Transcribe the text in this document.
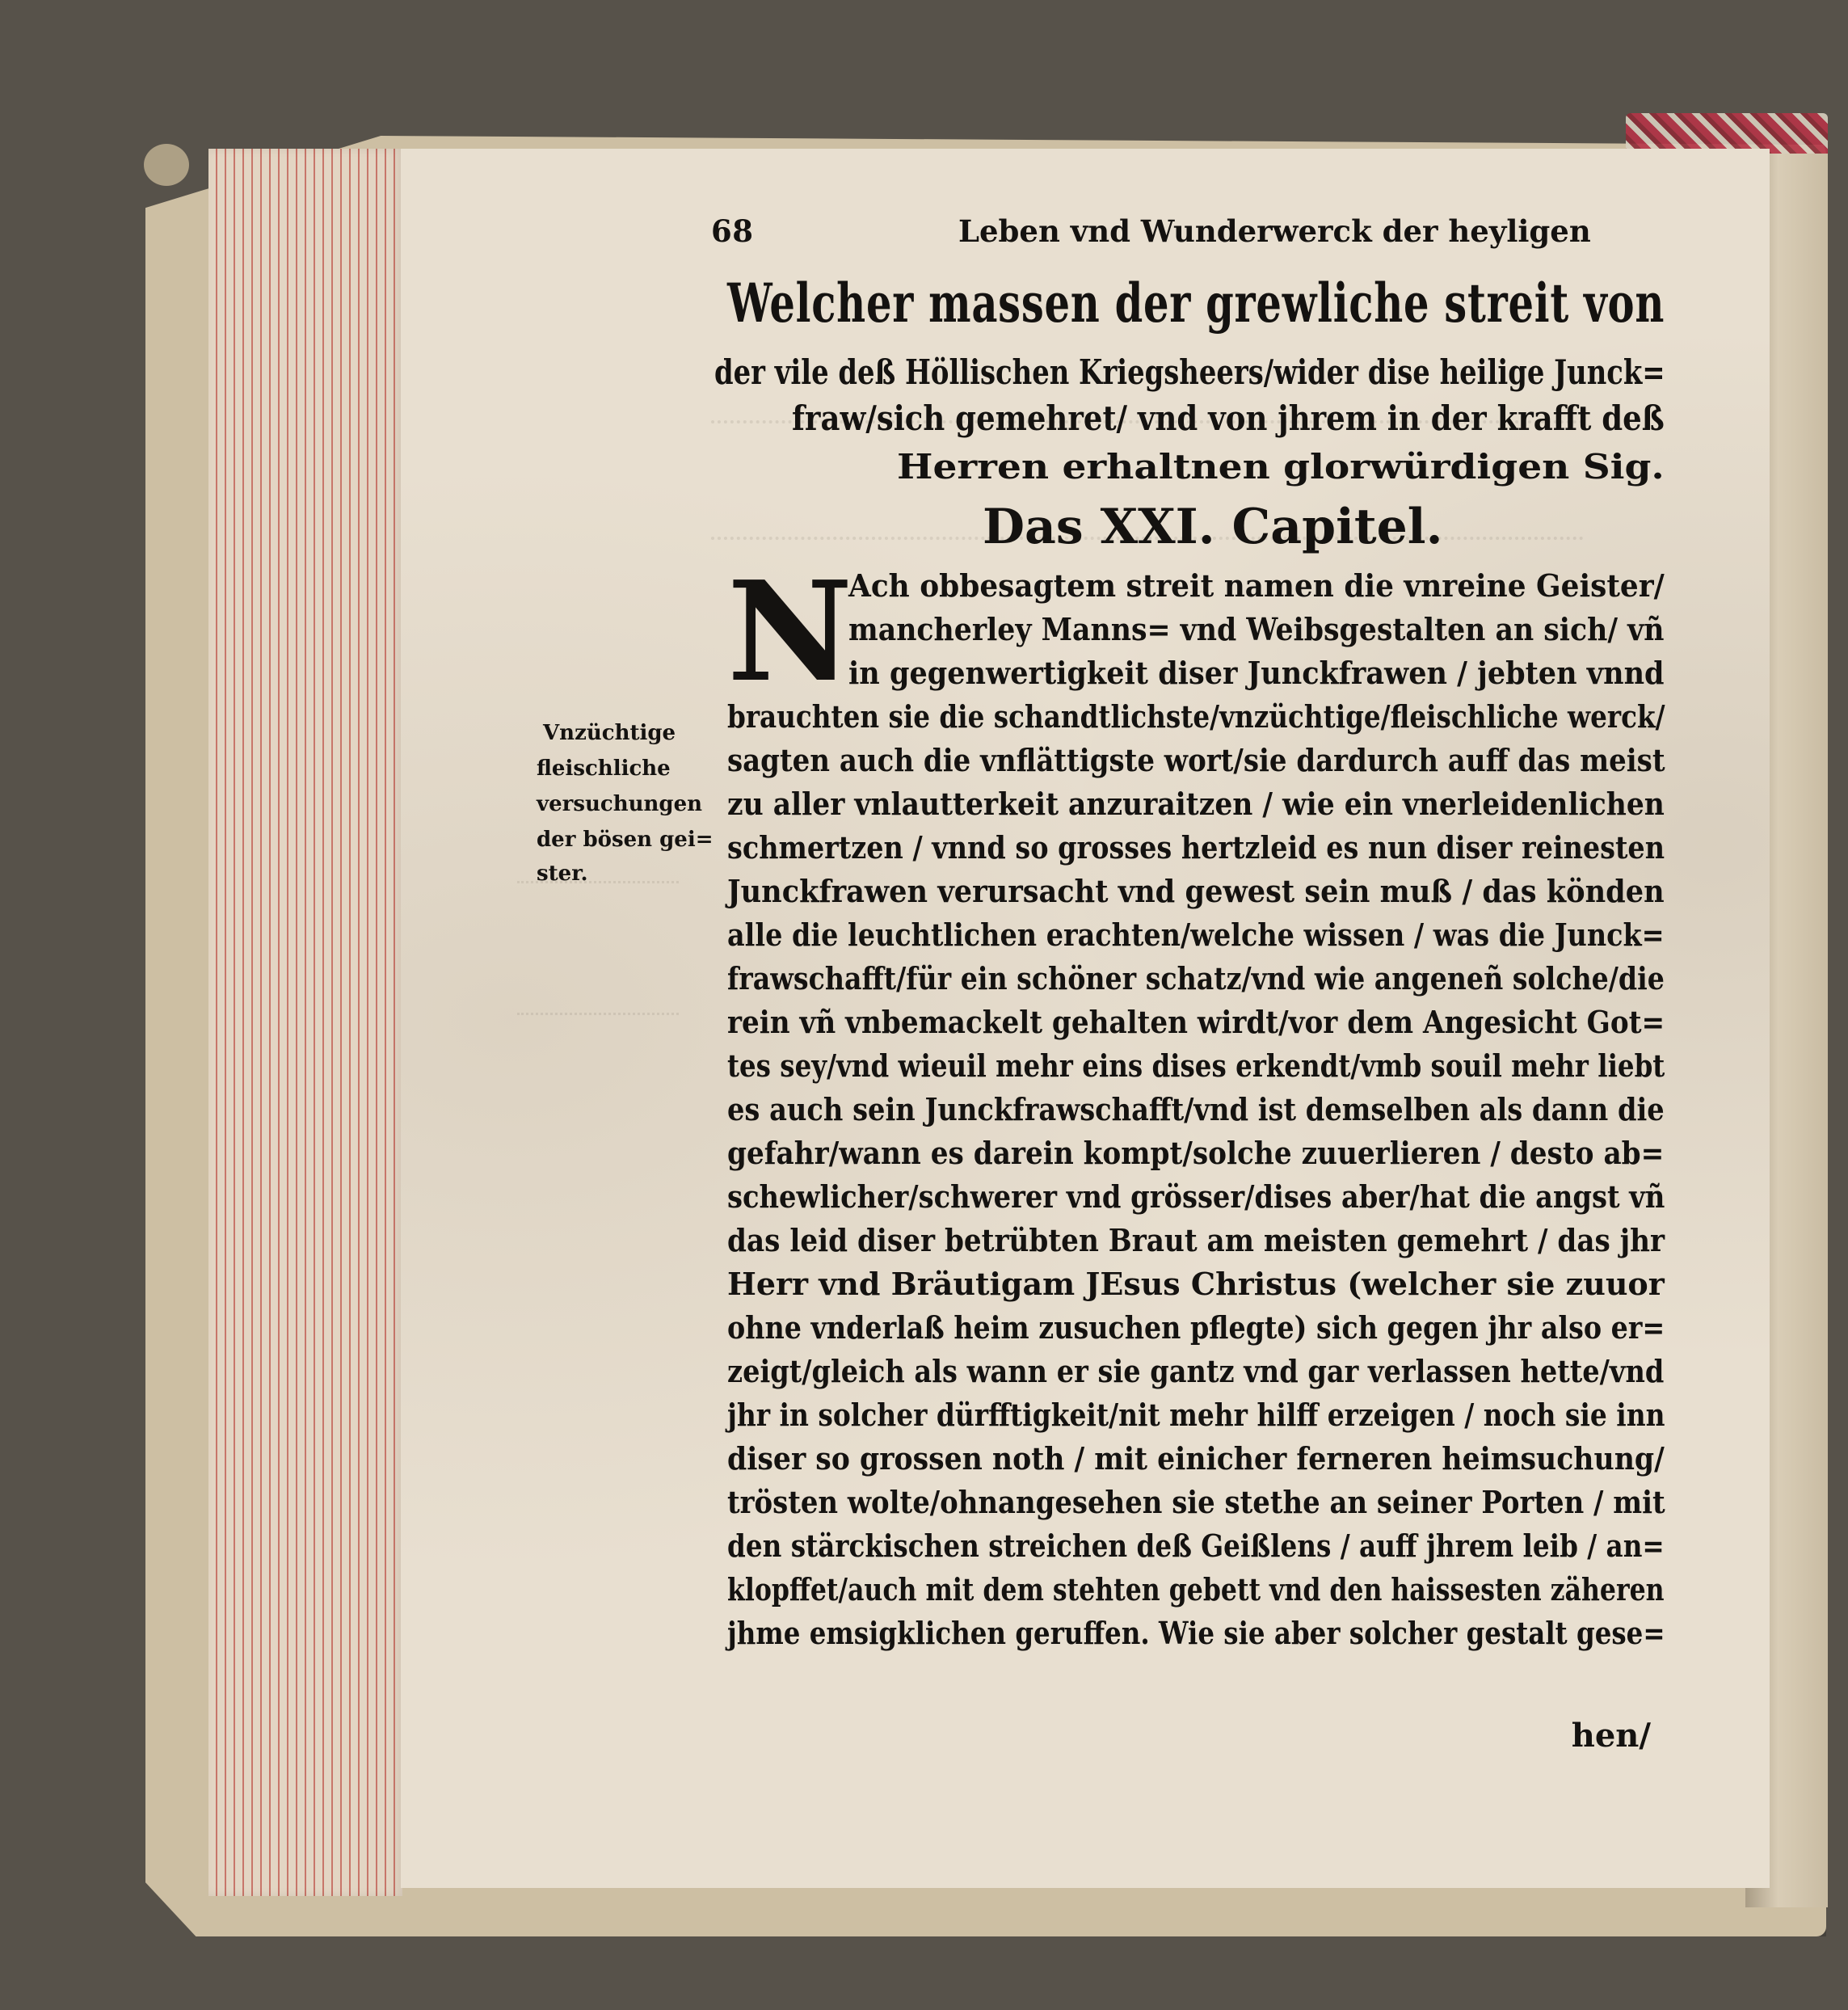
68	Leben vnd Wunderwerck der heyligen

Welcher massen der grewliche streit von

der vile deß Höllischen Kriegsheers/wider dise heilige Junck=

fraw/sich gemehret/ vnd von jhrem in der krafft deß

Herren erhaltnen glorwürdigen Sig.

Das XXI. Capitel.

N

Vnzüchtige

fleischliche

versuchungen

der bösen gei=

ster.

Ach obbesagtem streit namen die vnreine Geister/

mancherley Manns= vnd Weibsgestalten an sich/ vñ

in gegenwertigkeit diser Junckfrawen / jebten vnnd

brauchten sie die schandtlichste/vnzüchtige/fleischliche werck/

sagten auch die vnflättigste wort/sie dardurch auff das meist

zu aller vnlautterkeit anzuraitzen / wie ein vnerleidenlichen

schmertzen / vnnd so grosses hertzleid es nun diser reinesten

Junckfrawen verursacht vnd gewest sein muß / das könden

alle die leuchtlichen erachten/welche wissen / was die Junck=

frawschafft/für ein schöner schatz/vnd wie angeneñ solche/die

rein vñ vnbemackelt gehalten wirdt/vor dem Angesicht Got=

tes sey/vnd wieuil mehr eins dises erkendt/vmb souil mehr liebt

es auch sein Junckfrawschafft/vnd ist demselben als dann die

gefahr/wann es darein kompt/solche zuuerlieren / desto ab=

schewlicher/schwerer vnd grösser/dises aber/hat die angst vñ

das leid diser betrübten Braut am meisten gemehrt / das jhr

Herr vnd Bräutigam JEsus Christus (welcher sie zuuor

ohne vnderlaß heim zusuchen pflegte) sich gegen jhr also er=

zeigt/gleich als wann er sie gantz vnd gar verlassen hette/vnd

jhr in solcher dürfftigkeit/nit mehr hilff erzeigen / noch sie inn

diser so grossen noth / mit einicher ferneren heimsuchung/

trösten wolte/ohnangesehen sie stethe an seiner Porten / mit

den stärckischen streichen deß Geißlens / auff jhrem leib / an=

klopffet/auch mit dem stehten gebett vnd den haissesten zäheren

jhme emsigklichen geruffen. Wie sie aber solcher gestalt gese=

hen/
